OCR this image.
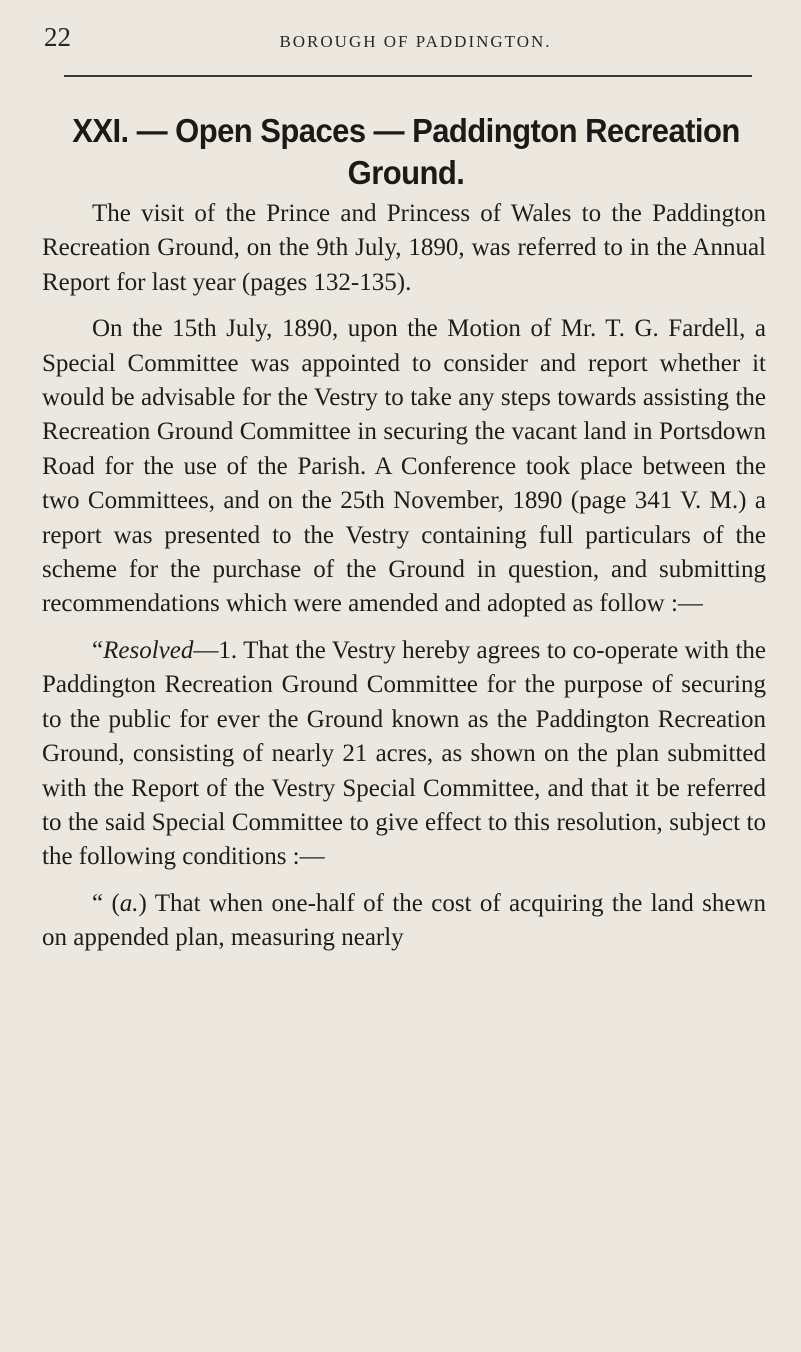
22	BOROUGH OF PADDINGTON.
XXI. — Open Spaces — Paddington Recreation Ground.

The visit of the Prince and Princess of Wales to the Paddington Recreation Ground, on the 9th July, 1890, was referred to in the Annual Report for last year (pages 132-135).

On the 15th July, 1890, upon the Motion of Mr. T. G. Fardell, a Special Committee was appointed to consider and report whether it would be advisable for the Vestry to take any steps towards assisting the Recreation Ground Committee in securing the vacant land in Portsdown Road for the use of the Parish. A Conference took place between the two Committees, and on the 25th November, 1890 (page 341 V. M.) a report was presented to the Vestry containing full particulars of the scheme for the purchase of the Ground in question, and submitting recommendations which were amended and adopted as follow :—

“Resolved—1. That the Vestry hereby agrees to co-operate with the Paddington Recreation Ground Committee for the purpose of securing to the public for ever the Ground known as the Paddington Recreation Ground, consisting of nearly 21 acres, as shown on the plan submitted with the Report of the Vestry Special Committee, and that it be referred to the said Special Committee to give effect to this resolution, subject to the following conditions :—

“ (a.) That when one-half of the cost of acquiring the land shewn on appended plan, measuring nearly
